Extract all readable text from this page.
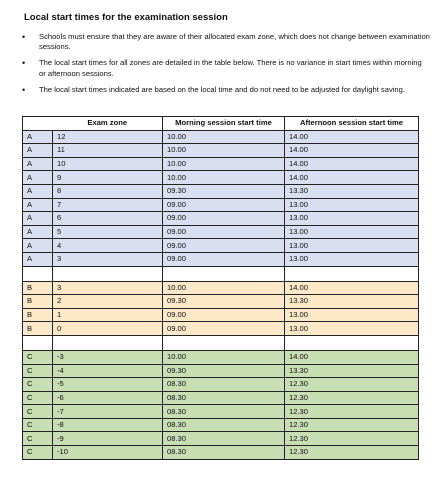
Local start times for the examination session
•	Schools must ensure that they are aware of their allocated exam zone, which does not change between examination sessions.
•	The local start times for all zones are detailed in the table below. There is no variance in start times within morning or afternoon sessions.
•	The local start times indicated are based on the local time and do not need to be adjusted for daylight saving.
	Exam zone	Morning session start time	Afternoon session start time
A	12	10.00	14.00
A	11	10.00	14.00
A	10	10.00	14.00
A	9	10.00	14.00
A	8	09.30	13.30
A	7	09.00	13.00
A	6	09.00	13.00
A	5	09.00	13.00
A	4	09.00	13.00
A	3	09.00	13.00

B	3	10.00	14.00
B	2	09.30	13.30
B	1	09.00	13.00
B	0	09.00	13.00

C	-3	10.00	14.00
C	-4	09.30	13.30
C	-5	08.30	12.30
C	-6	08.30	12.30
C	-7	08.30	12.30
C	-8	08.30	12.30
C	-9	08.30	12.30
C	-10	08.30	12.30
